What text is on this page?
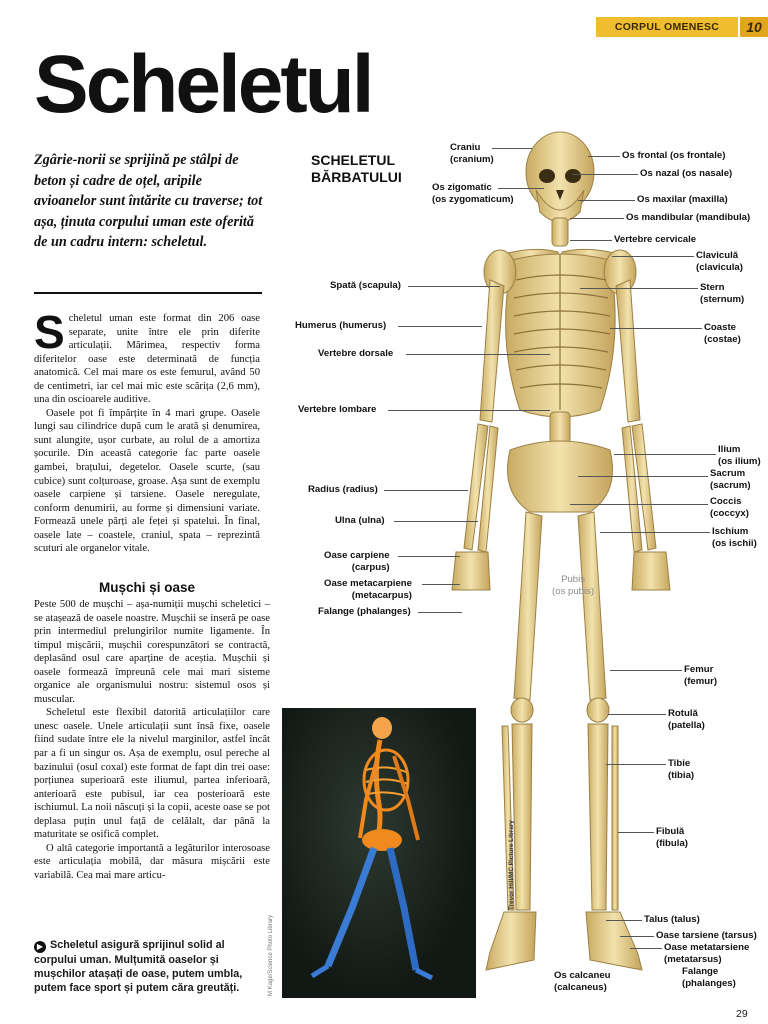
CORPUL OMENESC	10
Scheletul
Zgârie-norii se sprijină pe stâlpi de beton și cadre de oțel, aripile avioanelor sunt întărite cu traverse; tot așa, ținuta corpului uman este oferită de un cadru intern: scheletul.

Scheletul uman este format din 206 oase separate, unite între ele prin diferite articulații. Mărimea, respectiv forma diferitelor oase este determinată de funcția anatomică. Cel mai mare os este femurul, având 50 de centimetri, iar cel mai mic este scărița (2,6 mm), una din oscioarele auditive.

Oasele pot fi împărțite în 4 mari grupe. Oasele lungi sau cilindrice după cum le arată și denumirea, sunt alungite, ușor curbate, au rolul de a amortiza șocurile. Din această categorie fac parte oasele gambei, brațului, degetelor. Oasele scurte, (sau cubice) sunt colțuroase, groase. Așa sunt de exemplu oasele carpiene și tarsiene. Oasele neregulate, conform denumirii, au forme și dimensiuni variate. Formează unele părți ale feței și spatelui. În final, oasele late – coastele, craniul, spata – reprezintă scuturi ale organelor vitale.

Mușchi și oase

Peste 500 de mușchi – așa-numiții mușchi scheletici – se atașează de oasele noastre. Mușchii se inseră pe oase prin intermediul prelungirilor numite ligamente. În timpul mișcării, mușchii corespunzători se contractă, deplasând osul care aparține de aceștia. Mușchii și oasele formează împreună cele mai mari sisteme organice ale organismului nostru: sistemul osos și muscular.

Scheletul este flexibil datorită articulațiilor care unesc oasele. Unele articulații sunt însă fixe, oasele fiind sudate între ele la nivelul marginilor, astfel încât par a fi un singur os. Așa de exemplu, osul pereche al bazinului (osul coxal) este format de fapt din trei oase: porțiunea superioară este iliumul, partea inferioară, anterioară este pubisul, iar cea posterioară este ischiumul. La noii născuți și la copii, aceste oase se pot deplasa puțin unul față de celălalt, dar până la maturitate se osifică complet.

O altă categorie importantă a legăturilor interosoase este articulația mobilă, dar măsura mișcării este variabilă. Cea mai mare articu-

▶ Scheletul asigură sprijinul solid al corpului uman. Mulțumită oaselor și mușchilor atașați de oase, putem umbla, putem face sport și putem căra greutăți.	M Kage/Science Photo Library
SCHELETUL
BĂRBATULUI
Craniu
(cranium)
Os zigomatic
(os zygomaticum)
Spată (scapula)
Humerus (humerus)
Vertebre dorsale
Vertebre lombare
Radius (radius)
Ulna (ulna)
Oase carpiene
(carpus)
Oase metacarpiene
(metacarpus)
Falange (phalanges)
Os frontal (os frontale)
Os nazal (os nasale)
Os maxilar (maxilla)
Os mandibular (mandibula)
Vertebre cervicale
Claviculă
(clavicula)
Stern
(sternum)
Coaste
(costae)
Ilium
(os ilium)
Sacrum
(sacrum)
Coccis
(coccyx)
Ischium
(os ischii)
Pubis
(os pubis)
Femur
(femur)
Rotulă
(patella)
Tibie
(tibia)
Fibulă
(fibula)
Talus (talus)
Oase tarsiene (tarsus)
Oase metatarsiene
(metatarsus)
Falange
(phalanges)
Os calcaneu
(calcaneus)
Trevor Hill/MC Picture Library
29
